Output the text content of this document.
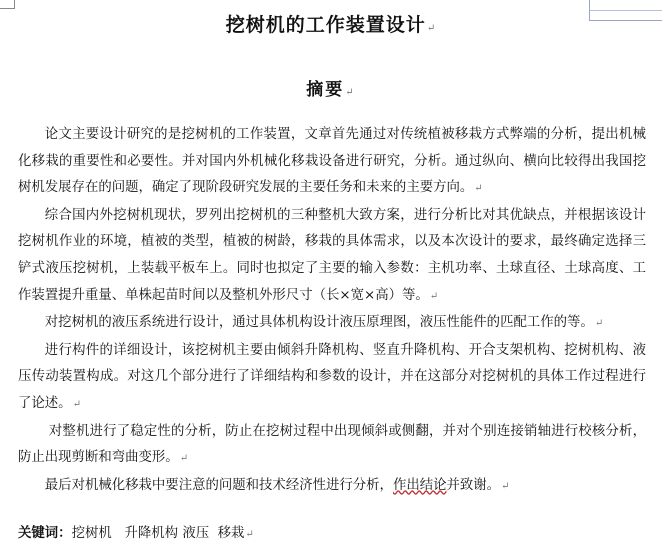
挖树机的工作装置设计↵
摘要↵

论文主要设计研究的是挖树机的工作装置，文章首先通过对传统植被移栽方式弊端的分析，提出机械化移栽的重要性和必要性。并对国内外机械化移栽设备进行研究，分析。通过纵向、横向比较得出我国挖树机发展存在的问题，确定了现阶段研究发展的主要任务和未来的主要方向。↵

综合国内外挖树机现状，罗列出挖树机的三种整机大致方案，进行分析比对其优缺点，并根据该设计挖树机作业的环境，植被的类型，植被的树龄，移栽的具体需求，以及本次设计的要求，最终确定选择三铲式液压挖树机，上装载平板车上。同时也拟定了主要的输入参数：主机功率、土球直径、土球高度、工作装置提升重量、单株起苗时间以及整机外形尺寸（长×宽×高）等。↵

对挖树机的液压系统进行设计，通过具体机构设计液压原理图，液压性能件的匹配工作的等。↵

进行构件的详细设计，该挖树机主要由倾斜升降机构、竖直升降机构、开合支架机构、挖树机构、液压传动装置构成。对这几个部分进行了详细结构和参数的设计，并在这部分对挖树机的具体工作过程进行了论述。↵

对整机进行了稳定性的分析，防止在挖树过程中出现倾斜或侧翻，并对个别连接销轴进行校核分析，防止出现剪断和弯曲变形。↵

最后对机械化移栽中要注意的问题和技术经济性进行分析，作出结论并致谢。↵

关键词：挖树机   升降机构 液压  移栽↵
